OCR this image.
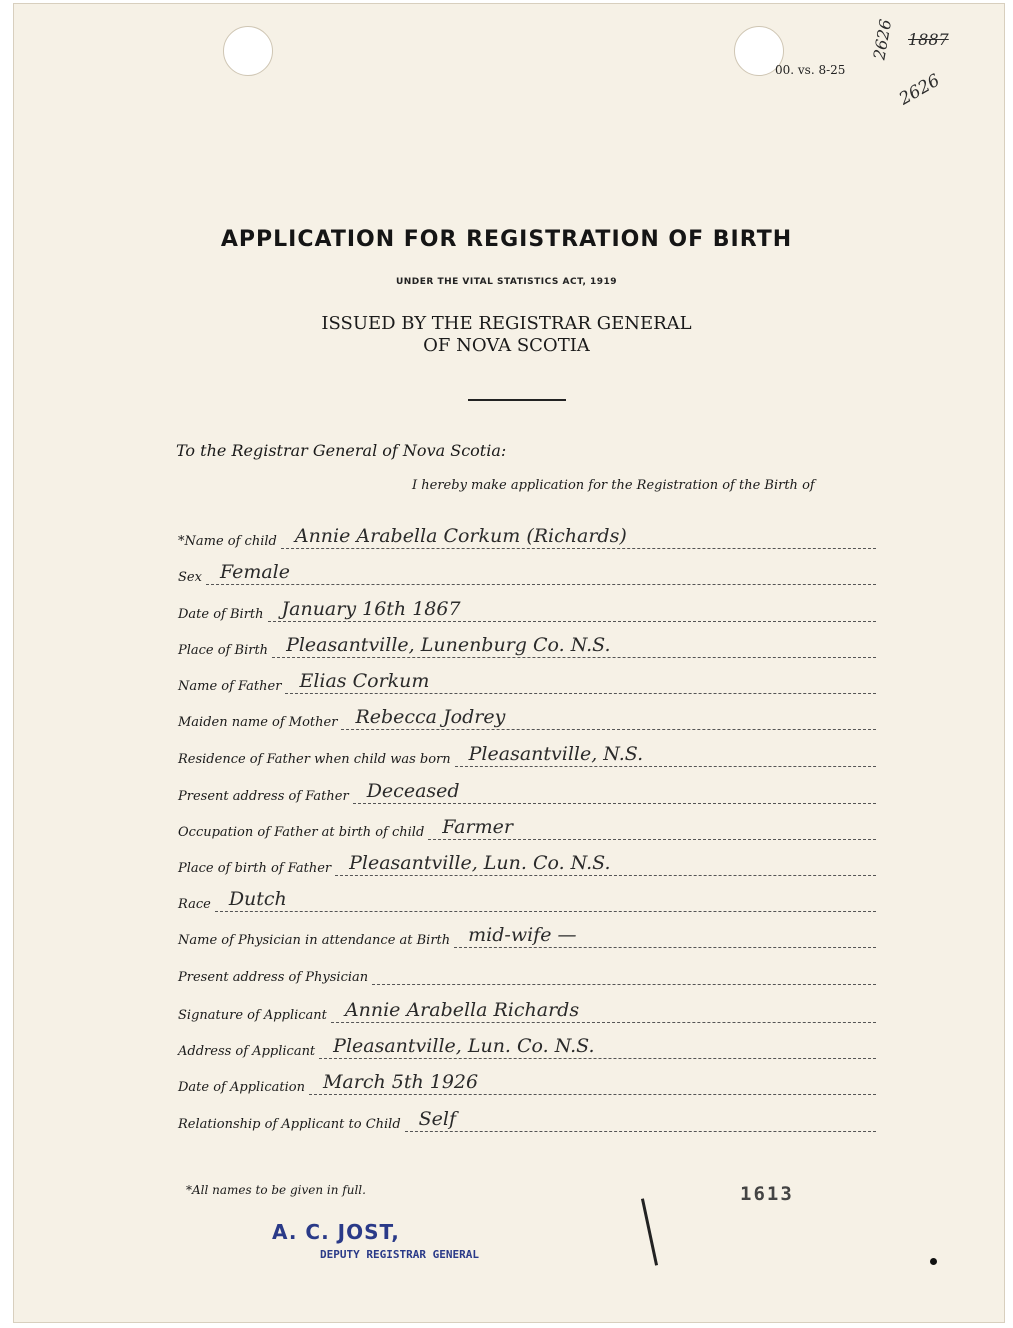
00. vs. 8-25
2626 1887
2626
APPLICATION FOR REGISTRATION OF BIRTH
UNDER THE VITAL STATISTICS ACT, 1919
ISSUED BY THE REGISTRAR GENERAL
OF NOVA SCOTIA
To the Registrar General of Nova Scotia:
I hereby make application for the Registration of the Birth of
*Name of child Annie Arabella Corkum (Richards)
Sex Female
Date of Birth January 16th 1867
Place of Birth Pleasantville, Lunenburg Co. N.S.
Name of Father Elias Corkum
Maiden name of Mother Rebecca Jodrey
Residence of Father when child was born Pleasantville, N.S.
Present address of Father Deceased
Occupation of Father at birth of child Farmer
Place of birth of Father Pleasantville, Lun. Co. N.S.
Race Dutch
Name of Physician in attendance at Birth mid-wife —
Present address of Physician
Signature of Applicant Annie Arabella Richards
Address of Applicant Pleasantville, Lun. Co. N.S.
Date of Application March 5th 1926
Relationship of Applicant to Child Self
*All names to be given in full.	1613
A. C. JOST,
DEPUTY REGISTRAR GENERAL
